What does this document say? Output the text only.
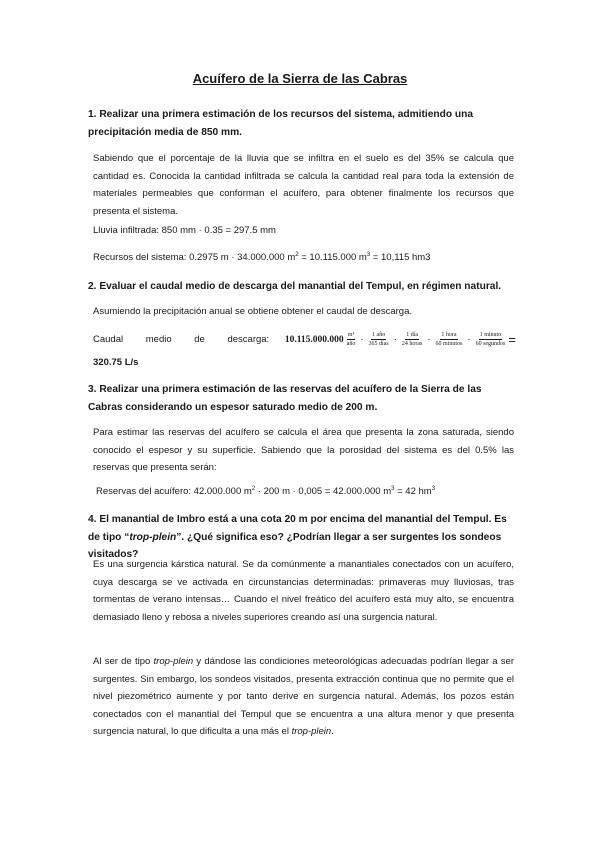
Acuífero de la Sierra de las Cabras
1. Realizar una primera estimación de los recursos del sistema, admitiendo una precipitación media de 850 mm.
Sabiendo que el porcentaje de la lluvia que se infiltra en el suelo es del 35% se calcula que cantidad es. Conocida la cantidad infiltrada se calcula la cantidad real para toda la extensión de materiales permeables que conforman el acuífero, para obtener finalmente los recursos que presenta el sistema.
Lluvia infiltrada: 850 mm · 0.35 = 297.5 mm
Recursos del sistema: 0.2975 m · 34.000.000 $m^2 = 10.115.000$ $m^3 = 10,115$ hm3
2. Evaluar el caudal medio de descarga del manantial del Tempul, en régimen natural.
Asumiendo la precipitación anual se obtiene obtener el caudal de descarga.
Caudal medio de descarga: $10.115.000.000 \frac{\text{m³}}{\text{año}} \cdot \frac{\text{1 año}}{\text{365 días}} \cdot \frac{\text{1 día}}{\text{24 horas}} \cdot \frac{\text{1 hora}}{\text{60 minutos}} \cdot \frac{\text{1 minuto}}{\text{60 segundos}}$ =
320.75 L/s
3. Realizar una primera estimación de las reservas del acuífero de la Sierra de las Cabras considerando un espesor saturado medio de 200 m.
Para estimar las reservas del acuífero se calcula el área que presenta la zona saturada, siendo conocido el espesor y su superficie. Sabiendo que la porosidad del sistema es del 0.5% las reservas que presenta serán:
Reservas del acuífero: 42.000.000 $m^2 \cdot 200$ m · 0,005 = 42.000.000 $m^3 = 42$ $hm^3$
4. El manantial de Imbro está a una cota 20 m por encima del manantial del Tempul. Es de tipo “trop-plein”. ¿Qué significa eso? ¿Podrían llegar a ser surgentes los sondeos visitados?
Es una surgencia kárstica natural. Se da comúnmente a manantiales conectados con un acuífero, cuya descarga se ve activada en circunstancias determinadas: primaveras muy lluviosas, tras tormentas de verano intensas… Cuando el nivel freático del acuífero está muy alto, se encuentra demasiado lleno y rebosa a niveles superiores creando así una surgencia natural.
Al ser de tipo trop-plein y dándose las condiciones meteorológicas adecuadas podrían llegar a ser surgentes. Sin embargo, los sondeos visitados, presenta extracción continua que no permite que el nivel piezométrico aumente y por tanto derive en surgencia natural. Además, los pozos están conectados con el manantial del Tempul que se encuentra a una altura menor y que presenta surgencia natural, lo que dificulta a una más el trop-plein.
